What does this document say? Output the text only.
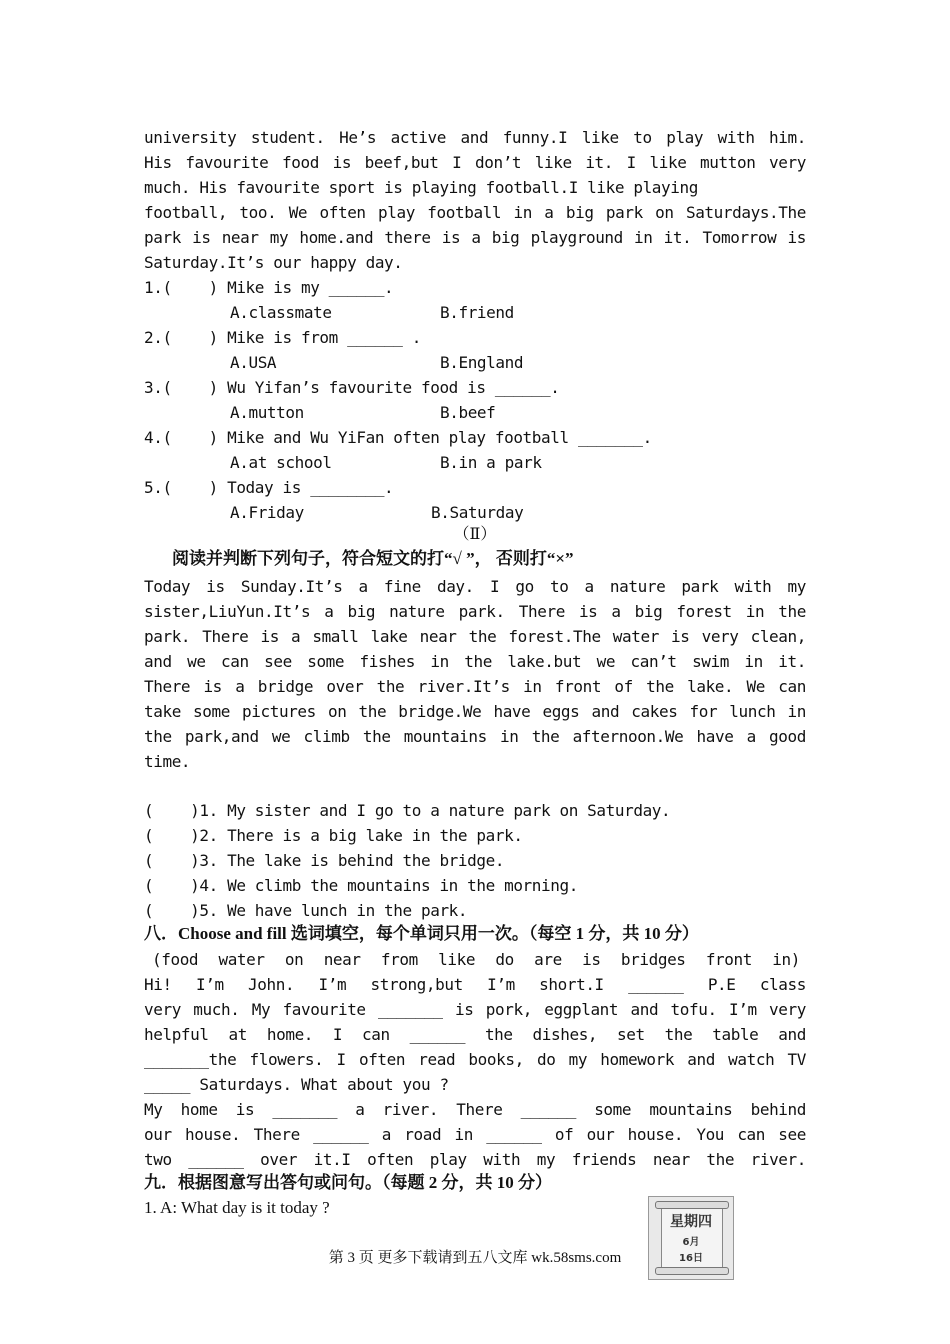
university student. He’s active and funny.I like to play with him.
His favourite food is beef,but I don’t like it. I like mutton very
much. His favourite sport is playing football.I like playing
football, too. We often play football in a big park on Saturdays.The
park is near my home.and there is a big playground in it. Tomorrow is
Saturday.It’s our happy day.
1.(    ) Mike is my ______.
A.classmate	B.friend
2.(    ) Mike is from ______ .
A.USA	B.England
3.(    ) Wu Yifan’s favourite food is ______.
A.mutton	B.beef
4.(    ) Mike and Wu YiFan often play football _______.
A.at school	B.in a park
5.(    ) Today is ________.
A.Friday	B.Saturday
（Ⅱ）
阅读并判断下列句子，符合短文的打“√ ”， 否则打“×”
Today is Sunday.It’s a fine day. I go to a nature park with my
sister,LiuYun.It’s a big nature park. There is a big forest in the
park. There is a small lake near the forest.The water is very clean,
and we can see some fishes in the lake.but we can’t swim in it.
There is a bridge over the river.It’s in front of the lake. We can
take some pictures on the bridge.We have eggs and cakes for lunch in
the park,and we climb the mountains in the afternoon.We have a good
time.
(    )1. My sister and I go to a nature park on Saturday.
(    )2. There is a big lake in the park.
(    )3. The lake is behind the bridge.
(    )4. We climb the mountains in the morning.
(    )5. We have lunch in the park.
八．Choose and fill 选词填空，每个单词只用一次。（每空 1 分，共 10 分）
(food water on near from like do are is bridges front in)
Hi! I’m John. I’m strong,but I’m short.I ______ P.E class
very much. My favourite _______ is pork, eggplant and tofu. I’m very
helpful at home. I can ______ the dishes, set the table and
_______the flowers. I often read books, do my homework and watch TV
_____ Saturdays. What about you ?
My home is _______ a river. There ______ some mountains behind
our house. There ______ a road in ______ of our house. You can see
two ______ over it.I often play with my friends near the river.
九．根据图意写出答句或问句。（每题 2 分，共 10 分）
1. A: What day is it today ?
星期四
6月
16日
第 3 页 更多下载请到五八文库 wk.58sms.com
